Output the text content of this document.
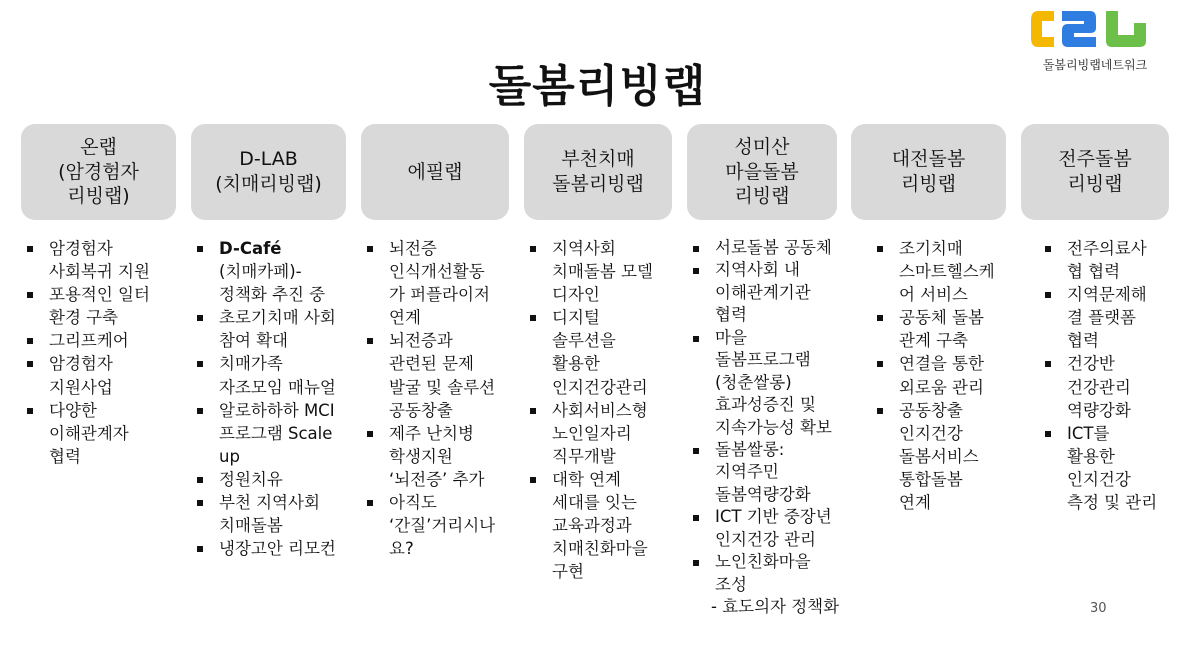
돌봄리빙랩	돌봄리빙랩네트워크
온랩
(암경험자
리빙랩)
암경험자
사회복귀 지원
포용적인 일터
환경 구축
그리프케어
암경험자
지원사업
다양한
이해관계자
협력
D-LAB
(치매리빙랩)
D-Café
(치매카페)-
정책화 추진 중
초로기치매 사회
참여 확대
치매가족
자조모임 매뉴얼
알로하하하 MCI
프로그램 Scale
up
정원치유
부천 지역사회
치매돌봄
냉장고안 리모컨
에필랩
뇌전증
인식개선활동
가 퍼플라이저
연계
뇌전증과
관련된 문제
발굴 및 솔루션
공동창출
제주 난치병
학생지원
‘뇌전증’ 추가
아직도
‘간질’거리시나
요?
부천치매
돌봄리빙랩
지역사회
치매돌봄 모델
디자인
디지털
솔루션을
활용한
인지건강관리
사회서비스형
노인일자리
직무개발
대학 연계
세대를 잇는
교육과정과
치매친화마을
구현
성미산
마을돌봄
리빙랩
서로돌봄 공동체
지역사회 내
이해관계기관
협력
마을
돌봄프로그램
(청춘쌀롱)
효과성증진 및
지속가능성 확보
돌봄쌀롱:
지역주민
돌봄역량강화
ICT 기반 중장년
인지건강 관리
노인친화마을
조성
- 효도의자 정책화
대전돌봄
리빙랩
조기치매
스마트헬스케
어 서비스
공동체 돌봄
관계 구축
연결을 통한
외로움 관리
공동창출
인지건강
돌봄서비스
통합돌봄
연계
전주돌봄
리빙랩
전주의료사
협 협력
지역문제해
결 플랫폼
협력
건강반
건강관리
역량강화
ICT를
활용한
인지건강
측정 및 관리
30
